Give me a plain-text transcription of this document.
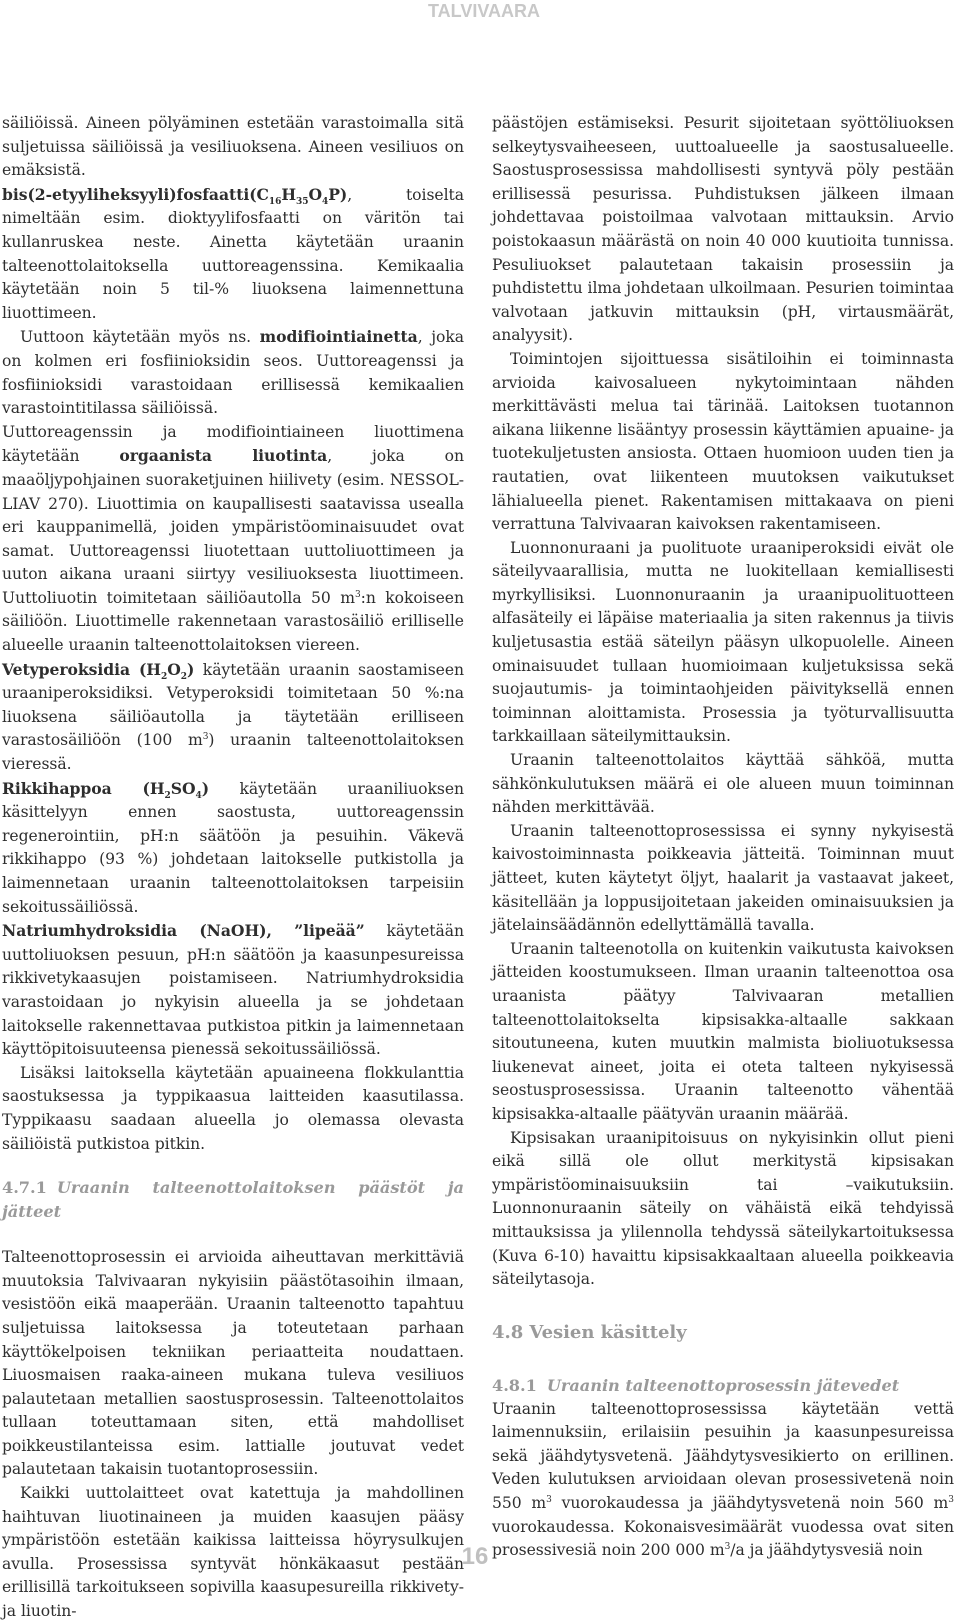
TALVIVAARA

säiliöissä. Aineen pölyäminen estetään varastoimalla sitä suljetuissa säiliöissä ja vesiliuoksena. Aineen vesiliuos on emäksistä.

$bis(2-etyyliheksyyli)fosfaatti(C_{16}H_{35}O_4P)$, toiselta nimeltään esim. dioktyylifosfaatti on väritön tai kullanruskea neste. Ainetta käytetään uraanin talteenottolaitoksella uuttoreagenssina. Kemikaalia käytetään noin 5 til-% liuoksena laimennettuna liuottimeen.

Uuttoon käytetään myös ns. modifiointiainetta, joka on kolmen eri fosfiinioksidin seos. Uuttoreagenssi ja fosfiinioksidi varastoidaan erillisessä kemikaalien varastointitilassa säiliöissä.

Uuttoreagenssin ja modifiointiaineen liuottimena käytetään orgaanista liuotinta, joka on maaöljypohjainen suoraketjuinen hiilivety (esim. NESSOL-LIAV 270). Liuottimia on kaupallisesti saatavissa usealla eri kauppanimellä, joiden ympäristöominaisuudet ovat samat. Uuttoreagenssi liuotettaan uuttoliuottimeen ja uuton aikana uraani siirtyy vesiliuoksesta liuottimeen. Uuttoliuotin toimitetaan säiliöautolla 50 $m^3:n$ kokoiseen säiliöön. Liuottimelle rakennetaan varastosäiliö erilliselle alueelle uraanin talteenottolaitoksen viereen.

Vetyperoksidia $(H_2O_2)$ käytetään uraanin saostamiseen uraaniperoksidiksi. Vetyperoksidi toimitetaan 50 %:na liuoksena säiliöautolla ja täytetään erilliseen varastosäiliöön (100 $m^3$) uraanin talteenottolaitoksen vieressä.

Rikkihappoa $(H_2SO_4)$ käytetään uraaniliuoksen käsittelyyn ennen saostusta, uuttoreagenssin regenerointiin, pH:n säätöön ja pesuihin. Väkevä rikkihappo (93 %) johdetaan laitokselle putkistolla ja laimennetaan uraanin talteenottolaitoksen tarpeisiin sekoitussäiliössä.

Natriumhydroksidia (NaOH), ”lipeää” käytetään uuttoliuoksen pesuun, pH:n säätöön ja kaasunpesureissa rikkivetykaasujen poistamiseen. Natriumhydroksidia varastoidaan jo nykyisin alueella ja se johdetaan laitokselle rakennettavaa putkistoa pitkin ja laimennetaan käyttöpitoisuuteensa pienessä sekoitussäiliössä.

Lisäksi laitoksella käytetään apuaineena flokkulanttia saostuksessa ja typpikaasua laitteiden kaasutilassa. Typpikaasu saadaan alueella jo olemassa olevasta säiliöistä putkistoa pitkin.

4.7.1 Uraanin talteenottolaitoksen päästöt ja jätteet

Talteenottoprosessin ei arvioida aiheuttavan merkittäviä muutoksia Talvivaaran nykyisiin päästötasoihin ilmaan, vesistöön eikä maaperään. Uraanin talteenotto tapahtuu suljetuissa laitoksessa ja toteutetaan parhaan käyttökelpoisen tekniikan periaatteita noudattaen. Liuosmaisen raaka-aineen mukana tuleva vesiliuos palautetaan metallien saostusprosessin. Talteenottolaitos tullaan toteuttamaan siten, että mahdolliset poikkeustilanteissa esim. lattialle joutuvat vedet palautetaan takaisin tuotantoprosessiin.

Kaikki uuttolaitteet ovat katettuja ja mahdollinen haihtuvan liuotinaineen ja muiden kaasujen pääsy ympäristöön estetään kaikissa laitteissa höyrysulkujen avulla. Prosessissa syntyvät hönkäkaasut pestään erillisillä tarkoitukseen sopivilla kaasupesureilla rikkivety- ja liuotin-

päästöjen estämiseksi. Pesurit sijoitetaan syöttöliuoksen selkeytysvaiheeseen, uuttoalueelle ja saostusalueelle. Saostusprosessissa mahdollisesti syntyvä pöly pestään erillisessä pesurissa. Puhdistuksen jälkeen ilmaan johdettavaa poistoilmaa valvotaan mittauksin. Arvio poistokaasun määrästä on noin 40 000 kuutioita tunnissa. Pesuliuokset palautetaan takaisin prosessiin ja puhdistettu ilma johdetaan ulkoilmaan. Pesurien toimintaa valvotaan jatkuvin mittauksin (pH, virtausmäärät, analyysit).

Toimintojen sijoittuessa sisätiloihin ei toiminnasta arvioida kaivosalueen nykytoimintaan nähden merkittävästi melua tai tärinää. Laitoksen tuotannon aikana liikenne lisääntyy prosessin käyttämien apuaine- ja tuotekuljetusten ansiosta. Ottaen huomioon uuden tien ja rautatien, ovat liikenteen muutoksen vaikutukset lähialueella pienet. Rakentamisen mittakaava on pieni verrattuna Talvivaaran kaivoksen rakentamiseen.

Luonnonuraani ja puolituote uraaniperoksidi eivät ole säteilyvaarallisia, mutta ne luokitellaan kemiallisesti myrkyllisiksi. Luonnonuraanin ja uraanipuolituotteen alfasäteily ei läpäise materiaalia ja siten rakennus ja tiivis kuljetusastia estää säteilyn pääsyn ulkopuolelle. Aineen ominaisuudet tullaan huomioimaan kuljetuksissa sekä suojautumis- ja toimintaohjeiden päivityksellä ennen toiminnan aloittamista. Prosessia ja työturvallisuutta tarkkaillaan säteilymittauksin.

Uraanin talteenottolaitos käyttää sähköä, mutta sähkönkulutuksen määrä ei ole alueen muun toiminnan nähden merkittävää.

Uraanin talteenottoprosessissa ei synny nykyisestä kaivostoiminnasta poikkeavia jätteitä. Toiminnan muut jätteet, kuten käytetyt öljyt, haalarit ja vastaavat jakeet, käsitellään ja loppusijoitetaan jakeiden ominaisuuksien ja jätelainsäädännön edellyttämällä tavalla.

Uraanin talteenotolla on kuitenkin vaikutusta kaivoksen jätteiden koostumukseen. Ilman uraanin talteenottoa osa uraanista päätyy Talvivaaran metallien talteenottolaitokselta kipsisakka-altaalle sakkaan sitoutuneena, kuten muutkin malmista bioliuotuksessa liukenevat aineet, joita ei oteta talteen nykyisessä seostusprosessissa. Uraanin talteenotto vähentää kipsisakka-altaalle päätyvän uraanin määrää.

Kipsisakan uraanipitoisuus on nykyisinkin ollut pieni eikä sillä ole ollut merkitystä kipsisakan ympäristöominaisuuksiin tai –vaikutuksiin. Luonnonuraanin säteily on vähäistä eikä tehdyissä mittauksissa ja ylilennolla tehdyssä säteilykartoituksessa (Kuva 6-10) havaittu kipsisakkaaltaan alueella poikkeavia säteilytasoja.

4.8 Vesien käsittely

4.8.1 Uraanin talteenottoprosessin jätevedet

Uraanin talteenottoprosessissa käytetään vettä laimennuksiin, erilaisiin pesuihin ja kaasunpesureissa sekä jäähdytysvetenä. Jäähdytysvesikierto on erillinen. Veden kulutuksen arvioidaan olevan prosessivetenä noin 550 $m^3$ vuorokaudessa ja jäähdytysvetenä noin 560 $m^3$ vuorokaudessa. Kokonaisvesimäärät vuodessa ovat siten prosessivesiä noin 200 000 $m^3/a$ ja jäähdytysvesiä noin

16
